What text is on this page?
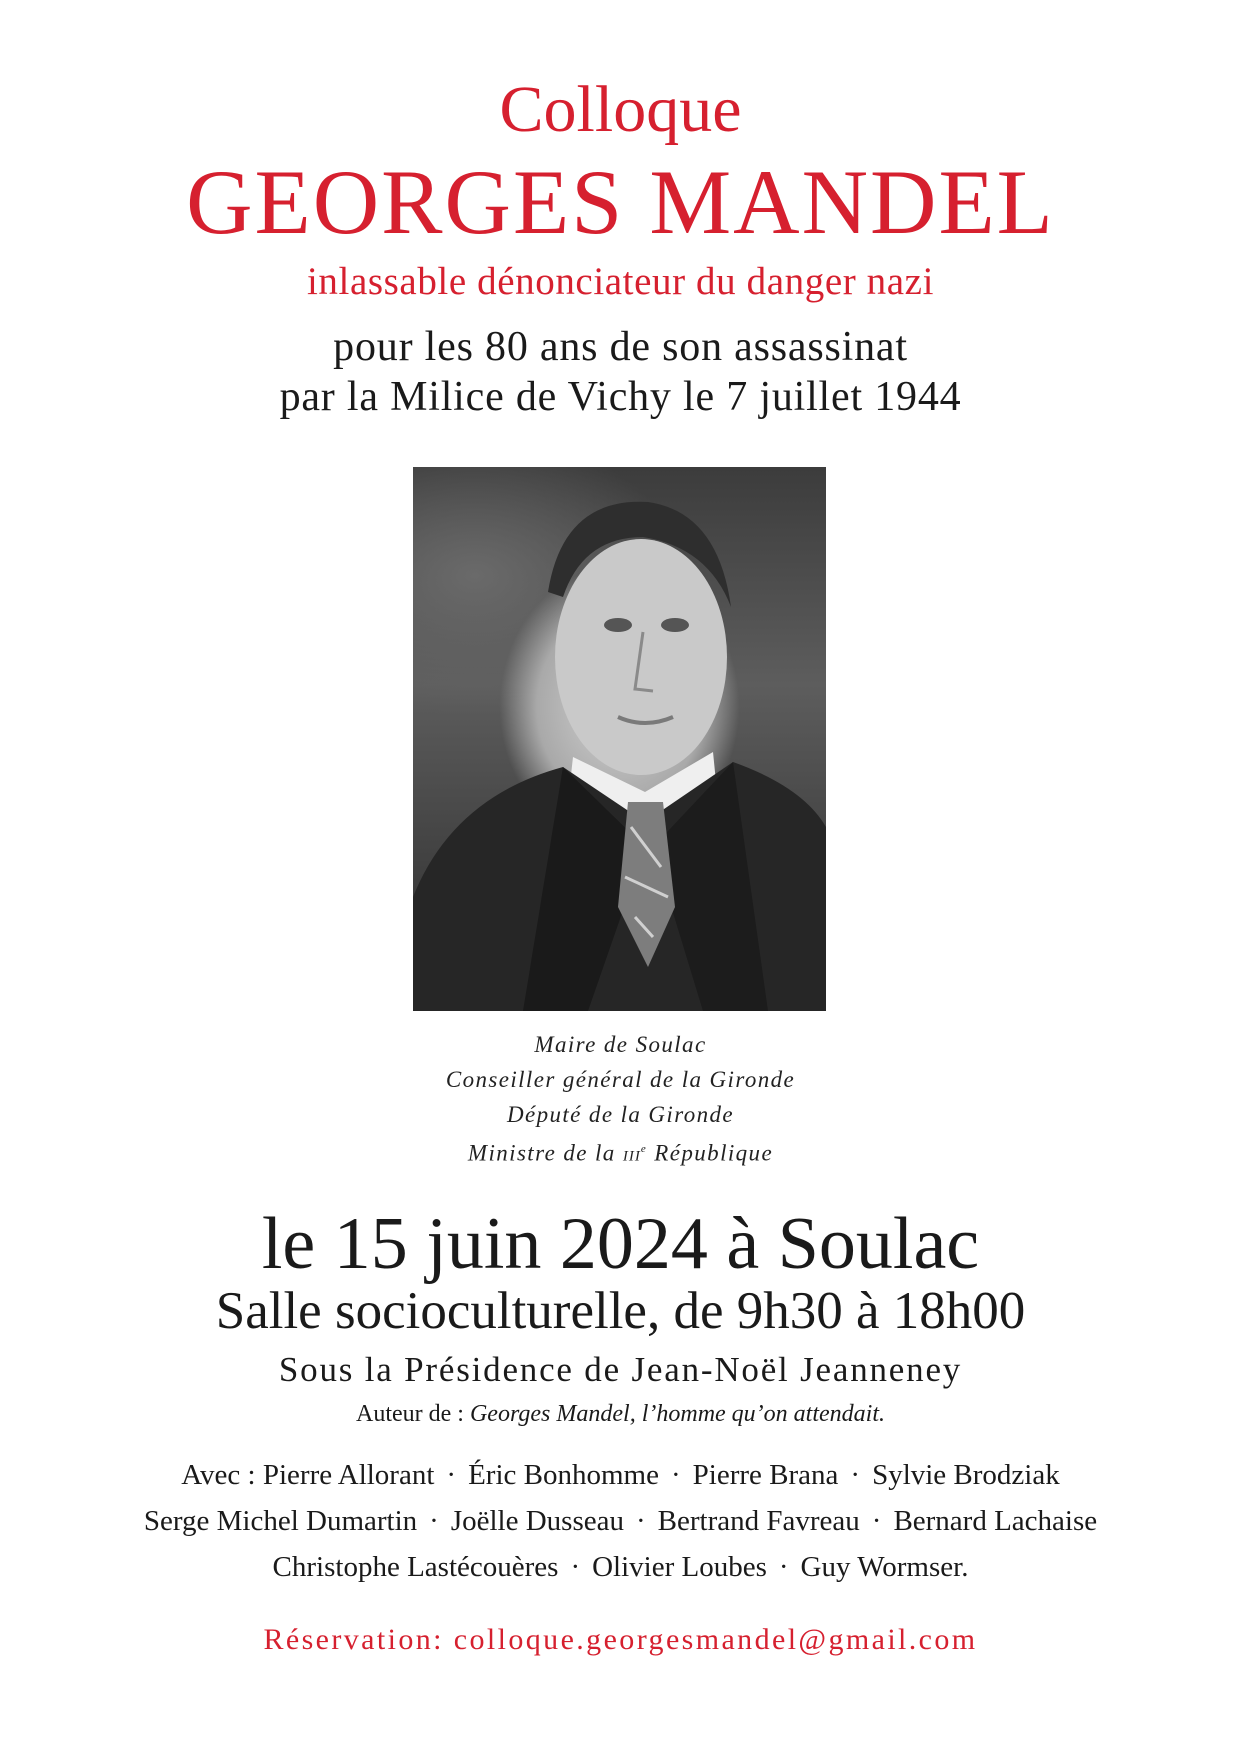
Colloque
GEORGES MANDEL
inlassable dénonciateur du danger nazi
pour les 80 ans de son assassinat
par la Milice de Vichy le 7 juillet 1944
Maire de Soulac
Conseiller général de la Gironde
Député de la Gironde
Ministre de la IIIe République
le 15 juin 2024 à Soulac
Salle socioculturelle, de 9h30 à 18h00
Sous la Présidence de Jean-Noël Jeanneney
Auteur de : Georges Mandel, l’homme qu’on attendait.
Avec : Pierre Allorant · Éric Bonhomme · Pierre Brana · Sylvie Brodziak
Serge Michel Dumartin · Joëlle Dusseau · Bertrand Favreau · Bernard Lachaise
Christophe Lastécouères · Olivier Loubes · Guy Wormser.
Réservation: colloque.georgesmandel@gmail.com
